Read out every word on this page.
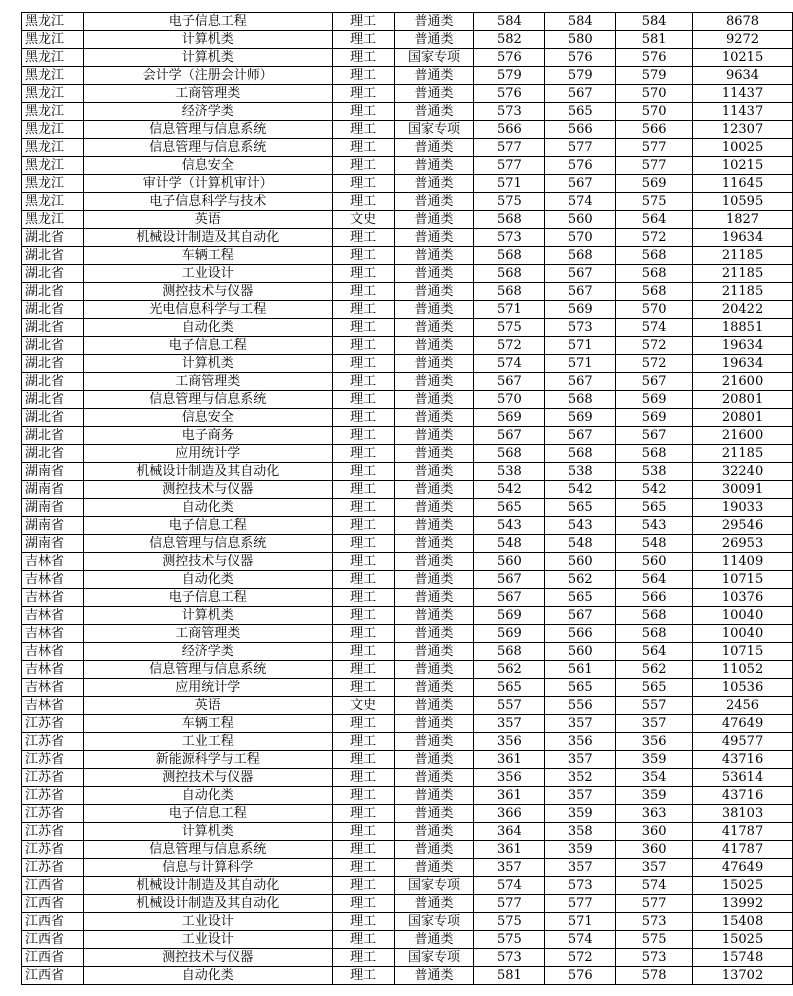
黑龙江	电子信息工程	理工	普通类	584	584	584	8678
黑龙江	计算机类	理工	普通类	582	580	581	9272
黑龙江	计算机类	理工	国家专项	576	576	576	10215
黑龙江	会计学（注册会计师）	理工	普通类	579	579	579	9634
黑龙江	工商管理类	理工	普通类	576	567	570	11437
黑龙江	经济学类	理工	普通类	573	565	570	11437
黑龙江	信息管理与信息系统	理工	国家专项	566	566	566	12307
黑龙江	信息管理与信息系统	理工	普通类	577	577	577	10025
黑龙江	信息安全	理工	普通类	577	576	577	10215
黑龙江	审计学（计算机审计）	理工	普通类	571	567	569	11645
黑龙江	电子信息科学与技术	理工	普通类	575	574	575	10595
黑龙江	英语	文史	普通类	568	560	564	1827
湖北省	机械设计制造及其自动化	理工	普通类	573	570	572	19634
湖北省	车辆工程	理工	普通类	568	568	568	21185
湖北省	工业设计	理工	普通类	568	567	568	21185
湖北省	测控技术与仪器	理工	普通类	568	567	568	21185
湖北省	光电信息科学与工程	理工	普通类	571	569	570	20422
湖北省	自动化类	理工	普通类	575	573	574	18851
湖北省	电子信息工程	理工	普通类	572	571	572	19634
湖北省	计算机类	理工	普通类	574	571	572	19634
湖北省	工商管理类	理工	普通类	567	567	567	21600
湖北省	信息管理与信息系统	理工	普通类	570	568	569	20801
湖北省	信息安全	理工	普通类	569	569	569	20801
湖北省	电子商务	理工	普通类	567	567	567	21600
湖北省	应用统计学	理工	普通类	568	568	568	21185
湖南省	机械设计制造及其自动化	理工	普通类	538	538	538	32240
湖南省	测控技术与仪器	理工	普通类	542	542	542	30091
湖南省	自动化类	理工	普通类	565	565	565	19033
湖南省	电子信息工程	理工	普通类	543	543	543	29546
湖南省	信息管理与信息系统	理工	普通类	548	548	548	26953
吉林省	测控技术与仪器	理工	普通类	560	560	560	11409
吉林省	自动化类	理工	普通类	567	562	564	10715
吉林省	电子信息工程	理工	普通类	567	565	566	10376
吉林省	计算机类	理工	普通类	569	567	568	10040
吉林省	工商管理类	理工	普通类	569	566	568	10040
吉林省	经济学类	理工	普通类	568	560	564	10715
吉林省	信息管理与信息系统	理工	普通类	562	561	562	11052
吉林省	应用统计学	理工	普通类	565	565	565	10536
吉林省	英语	文史	普通类	557	556	557	2456
江苏省	车辆工程	理工	普通类	357	357	357	47649
江苏省	工业工程	理工	普通类	356	356	356	49577
江苏省	新能源科学与工程	理工	普通类	361	357	359	43716
江苏省	测控技术与仪器	理工	普通类	356	352	354	53614
江苏省	自动化类	理工	普通类	361	357	359	43716
江苏省	电子信息工程	理工	普通类	366	359	363	38103
江苏省	计算机类	理工	普通类	364	358	360	41787
江苏省	信息管理与信息系统	理工	普通类	361	359	360	41787
江苏省	信息与计算科学	理工	普通类	357	357	357	47649
江西省	机械设计制造及其自动化	理工	国家专项	574	573	574	15025
江西省	机械设计制造及其自动化	理工	普通类	577	577	577	13992
江西省	工业设计	理工	国家专项	575	571	573	15408
江西省	工业设计	理工	普通类	575	574	575	15025
江西省	测控技术与仪器	理工	国家专项	573	572	573	15748
江西省	自动化类	理工	普通类	581	576	578	13702
